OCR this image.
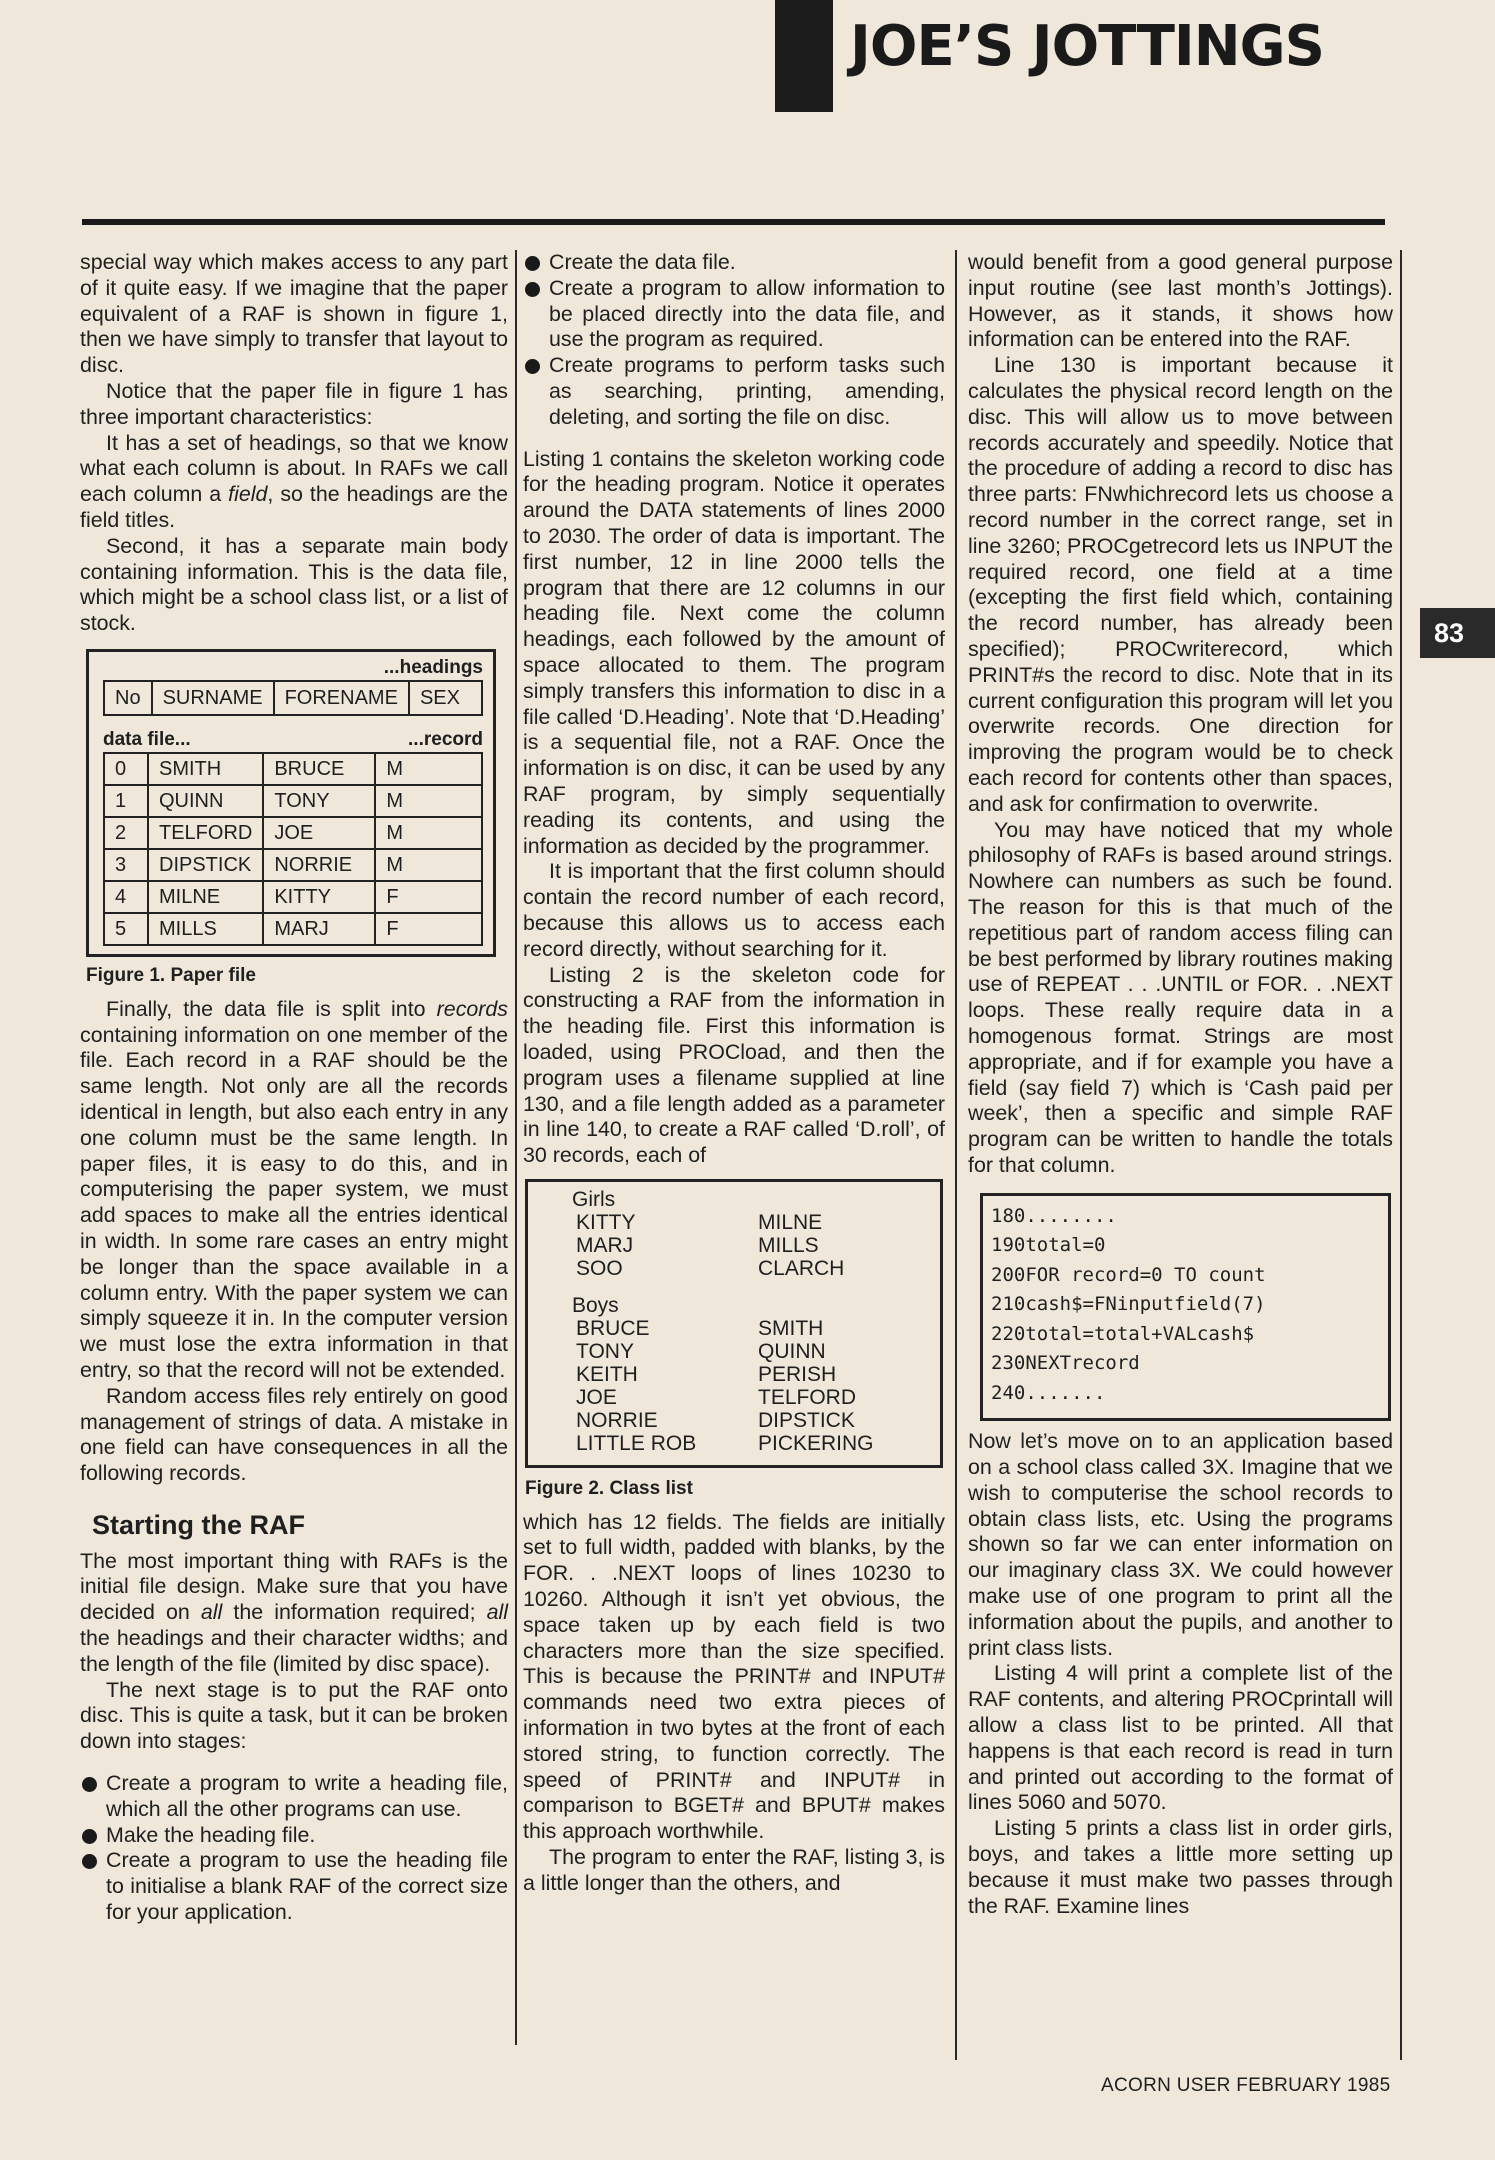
JOE’S JOTTINGS

special way which makes access to any part of it quite easy. If we imagine that the paper equivalent of a RAF is shown in figure 1, then we have simply to transfer that layout to disc.

Notice that the paper file in figure 1 has three important characteristics:

It has a set of headings, so that we know what each column is about. In RAFs we call each column a field, so the headings are the field titles.

Second, it has a separate main body containing information. This is the data file, which might be a school class list, or a list of stock.

...headings
No	SURNAME	FORENAME	SEX
data file...	...record
0	SMITH	BRUCE	M
1	QUINN	TONY	M
2	TELFORD	JOE	M
3	DIPSTICK	NORRIE	M
4	MILNE	KITTY	F
5	MILLS	MARJ	F
Figure 1. Paper file

Finally, the data file is split into records containing information on one member of the file. Each record in a RAF should be the same length. Not only are all the records identical in length, but also each entry in any one column must be the same length. In paper files, it is easy to do this, and in computerising the paper system, we must add spaces to make all the entries identical in width. In some rare cases an entry might be longer than the space available in a column entry. With the paper system we can simply squeeze it in. In the computer version we must lose the extra information in that entry, so that the record will not be extended.

Random access files rely entirely on good management of strings of data. A mistake in one field can have consequences in all the following records.

Starting the RAF

The most important thing with RAFs is the initial file design. Make sure that you have decided on all the information required; all the headings and their character widths; and the length of the file (limited by disc space).

The next stage is to put the RAF onto disc. This is quite a task, but it can be broken down into stages:

Create a program to write a heading file, which all the other programs can use.
Make the heading file.
Create a program to use the heading file to initialise a blank RAF of the correct size for your application.
Create the data file.
Create a program to allow information to be placed directly into the data file, and use the program as required.
Create programs to perform tasks such as searching, printing, amending, deleting, and sorting the file on disc.

Listing 1 contains the skeleton working code for the heading program. Notice it operates around the DATA statements of lines 2000 to 2030. The order of data is important. The first number, 12 in line 2000 tells the program that there are 12 columns in our heading file. Next come the column headings, each followed by the amount of space allocated to them. The program simply transfers this information to disc in a file called ‘D.Heading’. Note that ‘D.Heading’ is a sequential file, not a RAF. Once the information is on disc, it can be used by any RAF program, by simply sequentially reading its contents, and using the information as decided by the programmer.

It is important that the first column should contain the record number of each record, because this allows us to access each record directly, without searching for it.

Listing 2 is the skeleton code for constructing a RAF from the information in the heading file. First this information is loaded, using PROCload, and then the program uses a filename supplied at line 130, and a file length added as a parameter in line 140, to create a RAF called ‘D.roll’, of 30 records, each of

Girls
KITTY	MILNE
MARJ	MILLS
SOO	CLARCH
Boys
BRUCE	SMITH
TONY	QUINN
KEITH	PERISH
JOE	TELFORD
NORRIE	DIPSTICK
LITTLE ROB	PICKERING
Figure 2. Class list

which has 12 fields. The fields are initially set to full width, padded with blanks, by the FOR. . .NEXT loops of lines 10230 to 10260. Although it isn’t yet obvious, the space taken up by each field is two characters more than the size specified. This is because the PRINT# and INPUT# commands need two extra pieces of information in two bytes at the front of each stored string, to function correctly. The speed of PRINT# and INPUT# in comparison to BGET# and BPUT# makes this approach worthwhile.

The program to enter the RAF, listing 3, is a little longer than the others, and

would benefit from a good general purpose input routine (see last month’s Jottings). However, as it stands, it shows how information can be entered into the RAF.

Line 130 is important because it calculates the physical record length on the disc. This will allow us to move between records accurately and speedily. Notice that the procedure of adding a record to disc has three parts: FNwhichrecord lets us choose a record number in the correct range, set in line 3260; PROCgetrecord lets us INPUT the required record, one field at a time (excepting the first field which, containing the record number, has already been specified); PROCwriterecord, which PRINT#s the record to disc. Note that in its current configuration this program will let you overwrite records. One direction for improving the program would be to check each record for contents other than spaces, and ask for confirmation to overwrite.

You may have noticed that my whole philosophy of RAFs is based around strings. Nowhere can numbers as such be found. The reason for this is that much of the repetitious part of random access filing can be best performed by library routines making use of REPEAT . . .UNTIL or FOR. . .NEXT loops. These really require data in a homogenous format. Strings are most appropriate, and if for example you have a field (say field 7) which is ‘Cash paid per week’, then a specific and simple RAF program can be written to handle the totals for that column.

180........
190total=0
200FOR record=0 TO count
210cash$=FNinputfield(7)
220total=total+VALcash$
230NEXTrecord
240.......

Now let’s move on to an application based on a school class called 3X. Imagine that we wish to computerise the school records to obtain class lists, etc. Using the programs shown so far we can enter information on our imaginary class 3X. We could however make use of one program to print all the information about the pupils, and another to print class lists.

Listing 4 will print a complete list of the RAF contents, and altering PROCprintall will allow a class list to be printed. All that happens is that each record is read in turn and printed out according to the format of lines 5060 and 5070.

Listing 5 prints a class list in order girls, boys, and takes a little more setting up because it must make two passes through the RAF. Examine lines

83
ACORN USER FEBRUARY 1985
